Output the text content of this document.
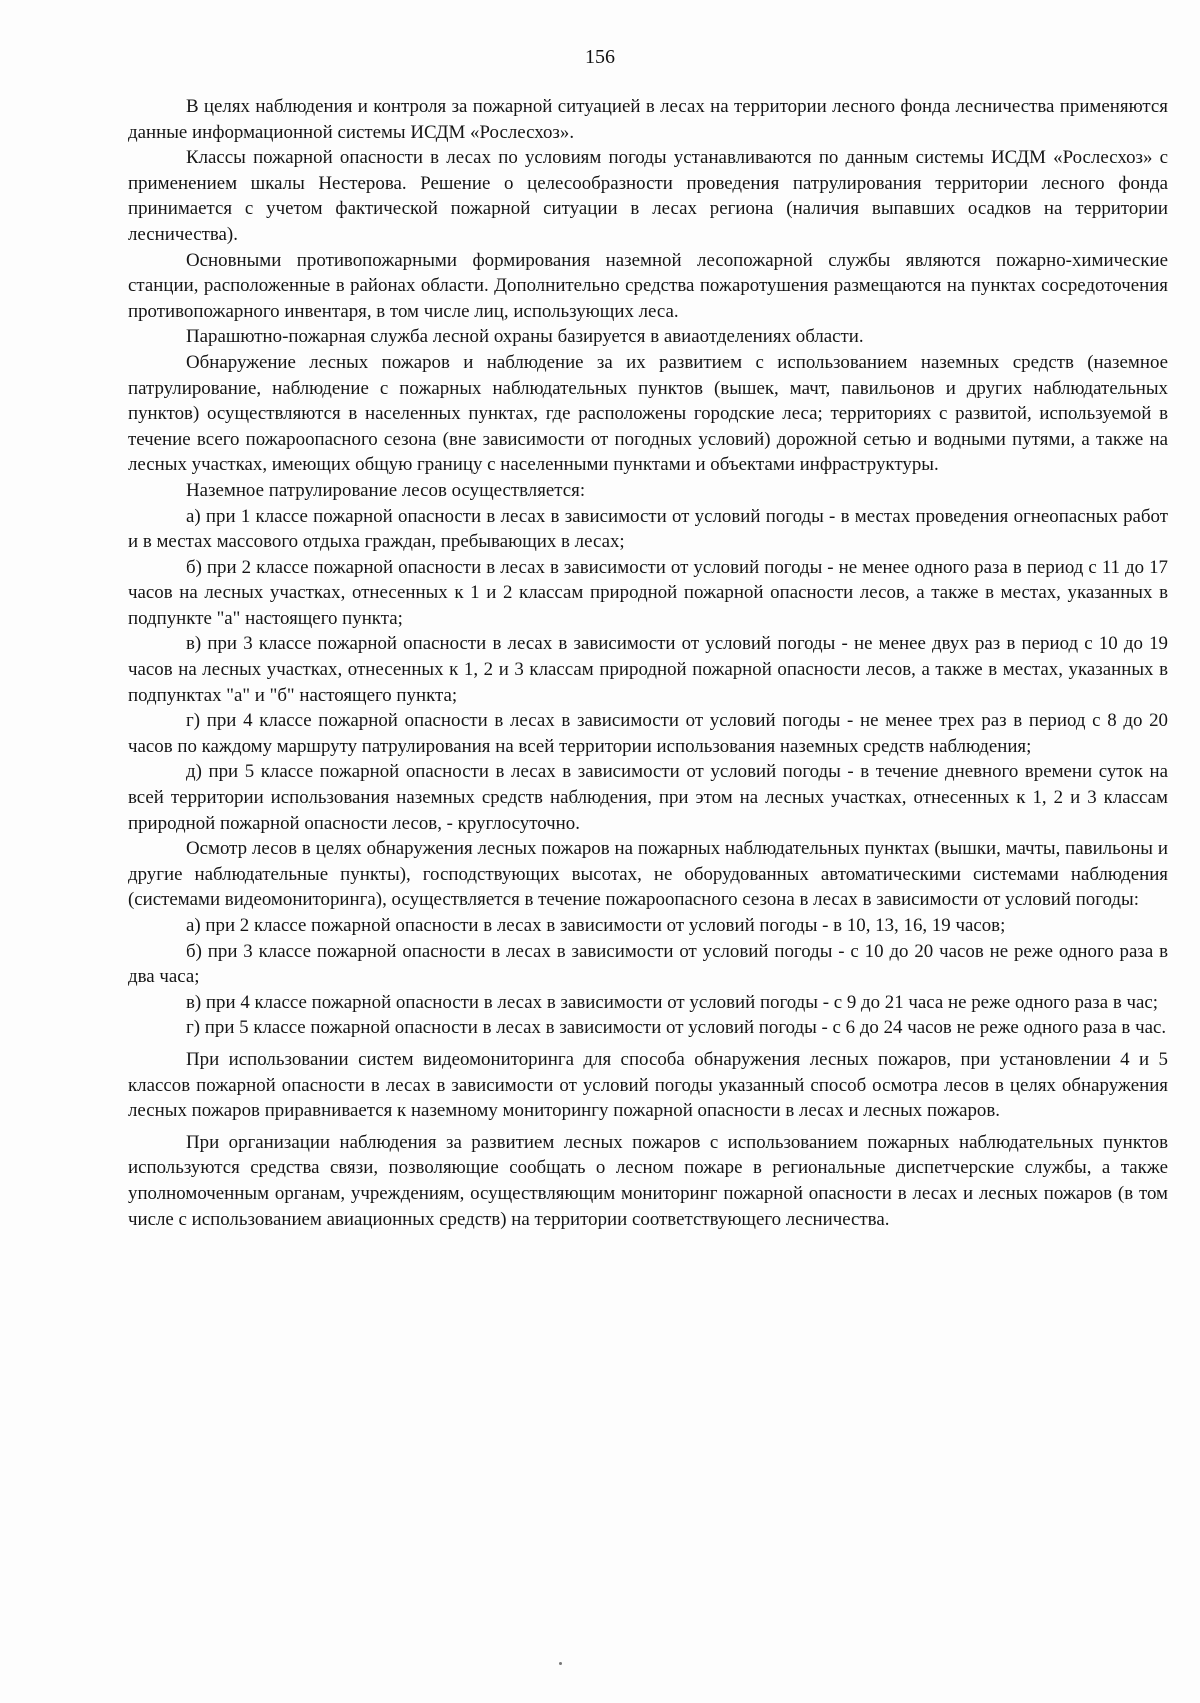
156

В целях наблюдения и контроля за пожарной ситуацией в лесах на территории лесного фонда лесничества применяются данные информационной системы ИСДМ «Рослесхоз».

Классы пожарной опасности в лесах по условиям погоды устанавливаются по данным системы ИСДМ «Рослесхоз» с применением шкалы Нестерова. Решение о целесообразности проведения патрулирования территории лесного фонда принимается с учетом фактической пожарной ситуации в лесах региона (наличия выпавших осадков на территории лесничества).

Основными противопожарными формирования наземной лесопожарной службы являются пожарно-химические станции, расположенные в районах области. Дополнительно средства пожаротушения размещаются на пунктах сосредоточения противопожарного инвентаря, в том числе лиц, использующих леса.

Парашютно-пожарная служба лесной охраны базируется в авиаотделениях области.

Обнаружение лесных пожаров и наблюдение за их развитием с использованием наземных средств (наземное патрулирование, наблюдение с пожарных наблюдательных пунктов (вышек, мачт, павильонов и других наблюдательных пунктов) осуществляются в населенных пунктах, где расположены городские леса; территориях с развитой, используемой в течение всего пожароопасного сезона (вне зависимости от погодных условий) дорожной сетью и водными путями, а также на лесных участках, имеющих общую границу с населенными пунктами и объектами инфраструктуры.

Наземное патрулирование лесов осуществляется:

а) при 1 классе пожарной опасности в лесах в зависимости от условий погоды - в местах проведения огнеопасных работ и в местах массового отдыха граждан, пребывающих в лесах;

б) при 2 классе пожарной опасности в лесах в зависимости от условий погоды - не менее одного раза в период с 11 до 17 часов на лесных участках, отнесенных к 1 и 2 классам природной пожарной опасности лесов, а также в местах, указанных в подпункте "а" настоящего пункта;

в) при 3 классе пожарной опасности в лесах в зависимости от условий погоды - не менее двух раз в период с 10 до 19 часов на лесных участках, отнесенных к 1, 2 и 3 классам природной пожарной опасности лесов, а также в местах, указанных в подпунктах "а" и "б" настоящего пункта;

г) при 4 классе пожарной опасности в лесах в зависимости от условий погоды - не менее трех раз в период с 8 до 20 часов по каждому маршруту патрулирования на всей территории использования наземных средств наблюдения;

д) при 5 классе пожарной опасности в лесах в зависимости от условий погоды - в течение дневного времени суток на всей территории использования наземных средств наблюдения, при этом на лесных участках, отнесенных к 1, 2 и 3 классам природной пожарной опасности лесов, - круглосуточно.

Осмотр лесов в целях обнаружения лесных пожаров на пожарных наблюдательных пунктах (вышки, мачты, павильоны и другие наблюдательные пункты), господствующих высотах, не оборудованных автоматическими системами наблюдения (системами видеомониторинга), осуществляется в течение пожароопасного сезона в лесах в зависимости от условий погоды:

а) при 2 классе пожарной опасности в лесах в зависимости от условий погоды - в 10, 13, 16, 19 часов;

б) при 3 классе пожарной опасности в лесах в зависимости от условий погоды - с 10 до 20 часов не реже одного раза в два часа;

в) при 4 классе пожарной опасности в лесах в зависимости от условий погоды - с 9 до 21 часа не реже одного раза в час;

г) при 5 классе пожарной опасности в лесах в зависимости от условий погоды - с 6 до 24 часов не реже одного раза в час.

При использовании систем видеомониторинга для способа обнаружения лесных пожаров, при установлении 4 и 5 классов пожарной опасности в лесах в зависимости от условий погоды указанный способ осмотра лесов в целях обнаружения лесных пожаров приравнивается к наземному мониторингу пожарной опасности в лесах и лесных пожаров.

При организации наблюдения за развитием лесных пожаров с использованием пожарных наблюдательных пунктов используются средства связи, позволяющие сообщать о лесном пожаре в региональные диспетчерские службы, а также уполномоченным органам, учреждениям, осуществляющим мониторинг пожарной опасности в лесах и лесных пожаров (в том числе с использованием авиационных средств) на территории соответствующего лесничества.
